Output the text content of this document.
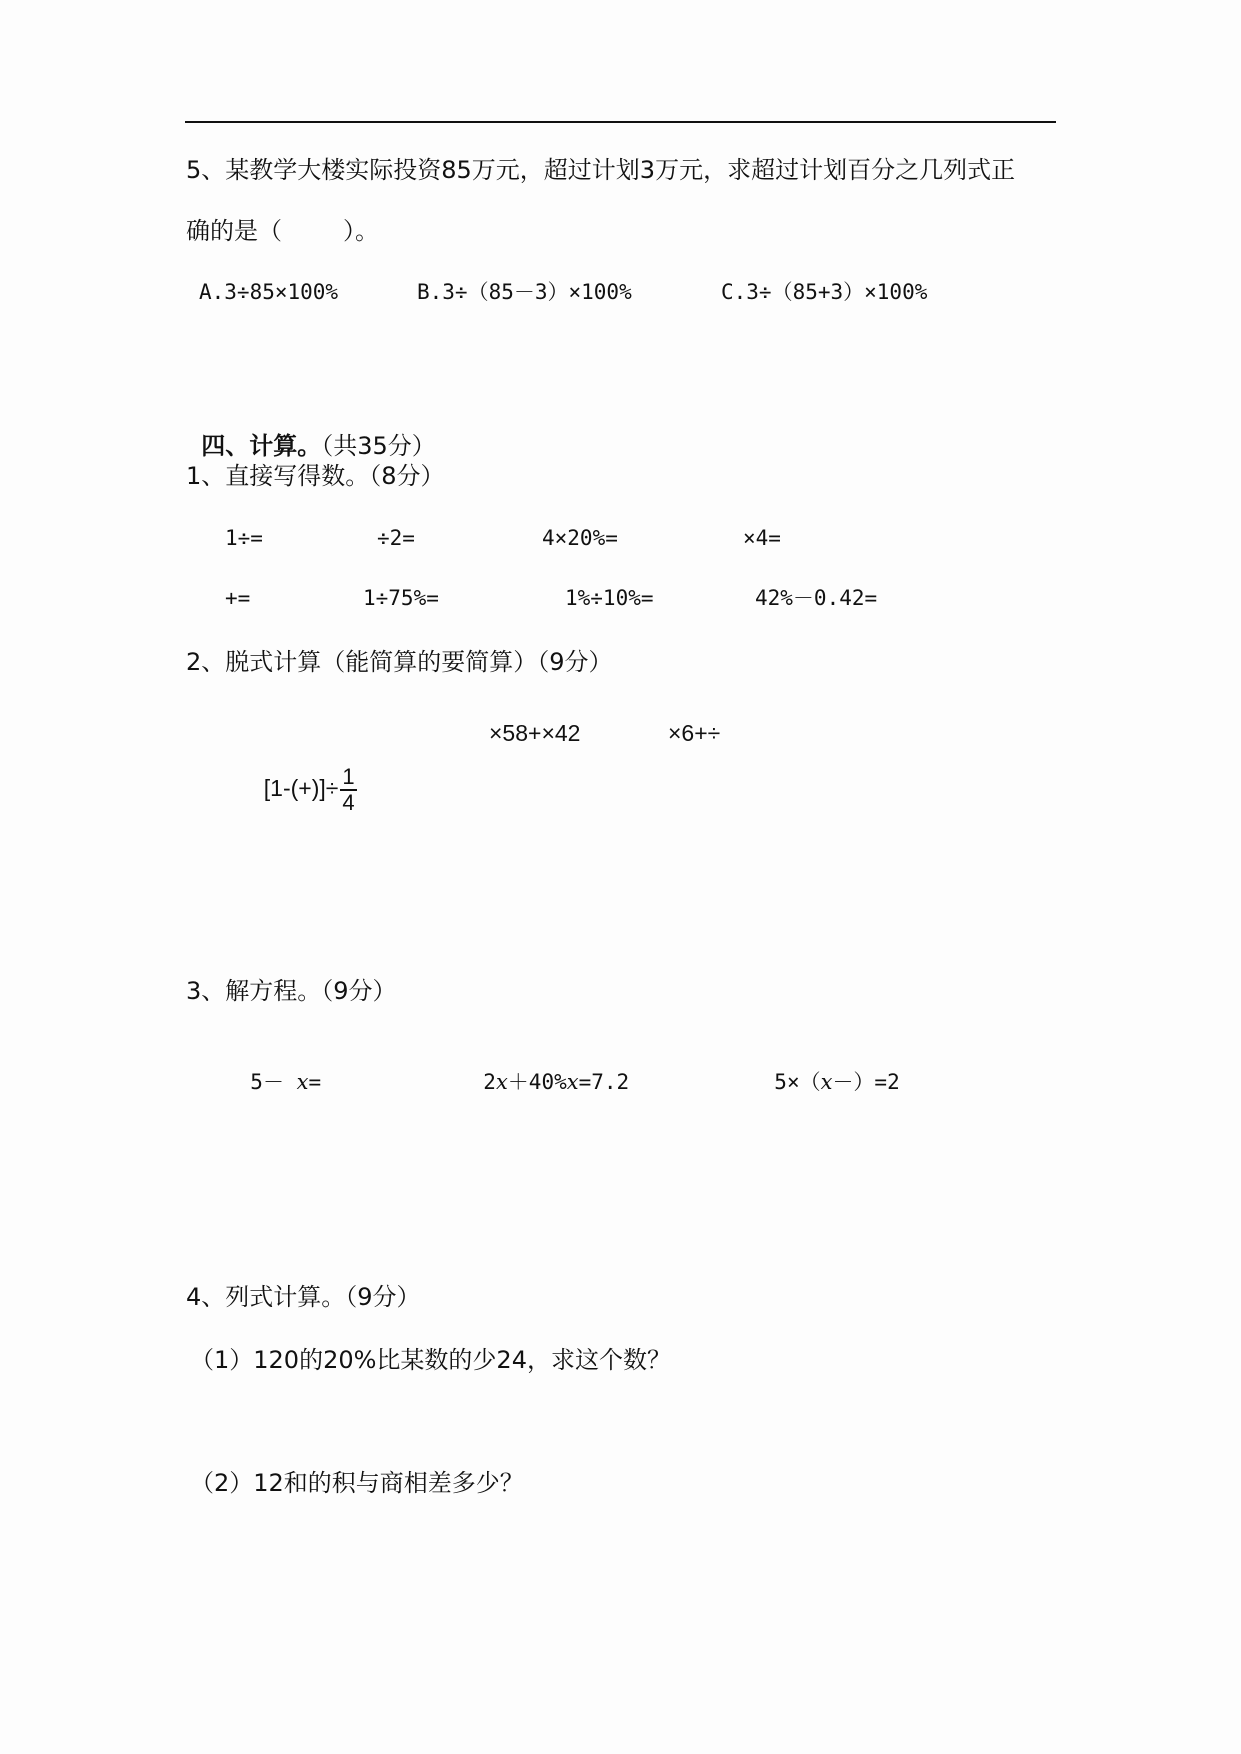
5、某教学大楼实际投资85万元，超过计划3万元，求超过计划百分之几列式正
确的是（        ）。
A.3÷85×100%	B.3÷（85－3）×100%	C.3÷（85+3）×100%

四、计算。（共35分）

1、直接写得数。（8分）
1÷=	÷2=	4×20%=	×4=
+=	1÷75%=	1%÷10%=	42%－0.42=
2、脱式计算（能简算的要简算）（9分）

$[1-(+)]\div \frac{1}{4}$

×58+×42	×6+÷
3、解方程。（9分）

5－ x=	2x＋40%x=7.2	5×（x－）=2

4、列式计算。（9分）
（1）120的20%比某数的少24，求这个数？
（2）12和的积与商相差多少？
